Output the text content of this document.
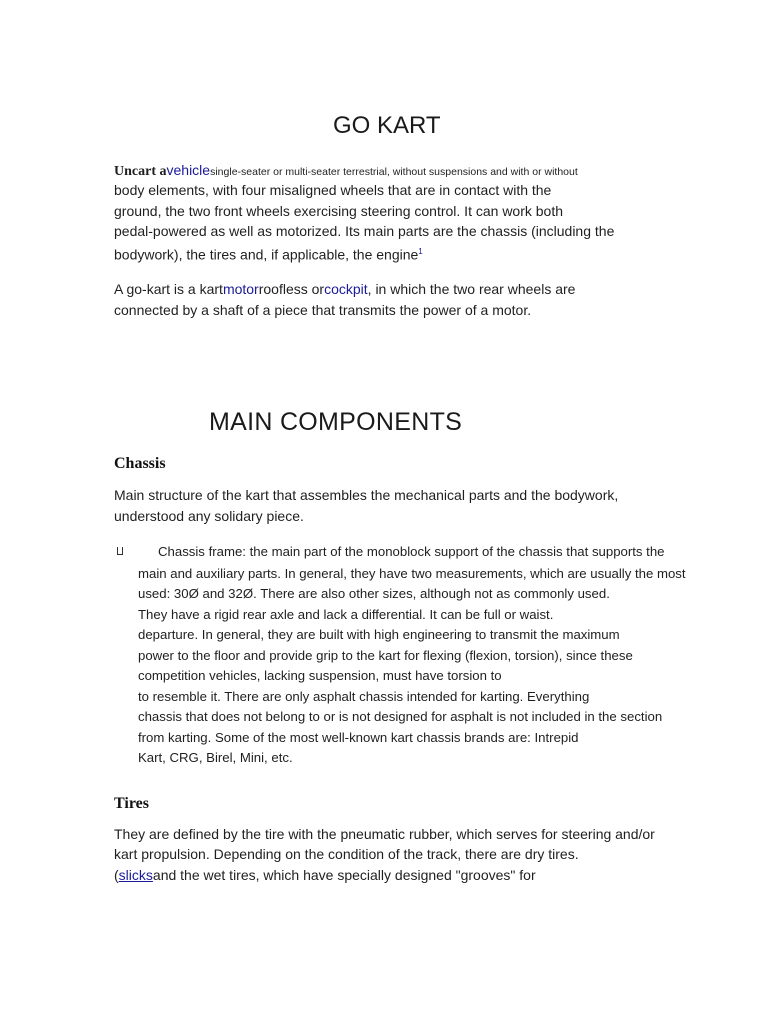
GO KART
Uncart avehiclesingle-seater or multi-seater terrestrial, without suspensions and with or without
body elements, with four misaligned wheels that are in contact with the
ground, the two front wheels exercising steering control. It can work both
pedal-powered as well as motorized. Its main parts are the chassis (including the
bodywork), the tires and, if applicable, the engine$^1$
A go-kart is a kartmotorroofless orcockpit, in which the two rear wheels are
connected by a shaft of a piece that transmits the power of a motor.
MAIN COMPONENTS
Chassis
Main structure of the kart that assembles the mechanical parts and the bodywork,
understood any solidary piece.
Chassis frame: the main part of the monoblock support of the chassis that supports the
main and auxiliary parts. In general, they have two measurements, which are usually the most
used: 30Ø and 32Ø. There are also other sizes, although not as commonly used.
They have a rigid rear axle and lack a differential. It can be full or waist.
departure. In general, they are built with high engineering to transmit the maximum
power to the floor and provide grip to the kart for flexing (flexion, torsion), since these
competition vehicles, lacking suspension, must have torsion to
to resemble it. There are only asphalt chassis intended for karting. Everything
chassis that does not belong to or is not designed for asphalt is not included in the section
from karting. Some of the most well-known kart chassis brands are: Intrepid
Kart, CRG, Birel, Mini, etc.
Tires
They are defined by the tire with the pneumatic rubber, which serves for steering and/or
kart propulsion. Depending on the condition of the track, there are dry tires.
(slicksand the wet tires, which have specially designed "grooves" for
